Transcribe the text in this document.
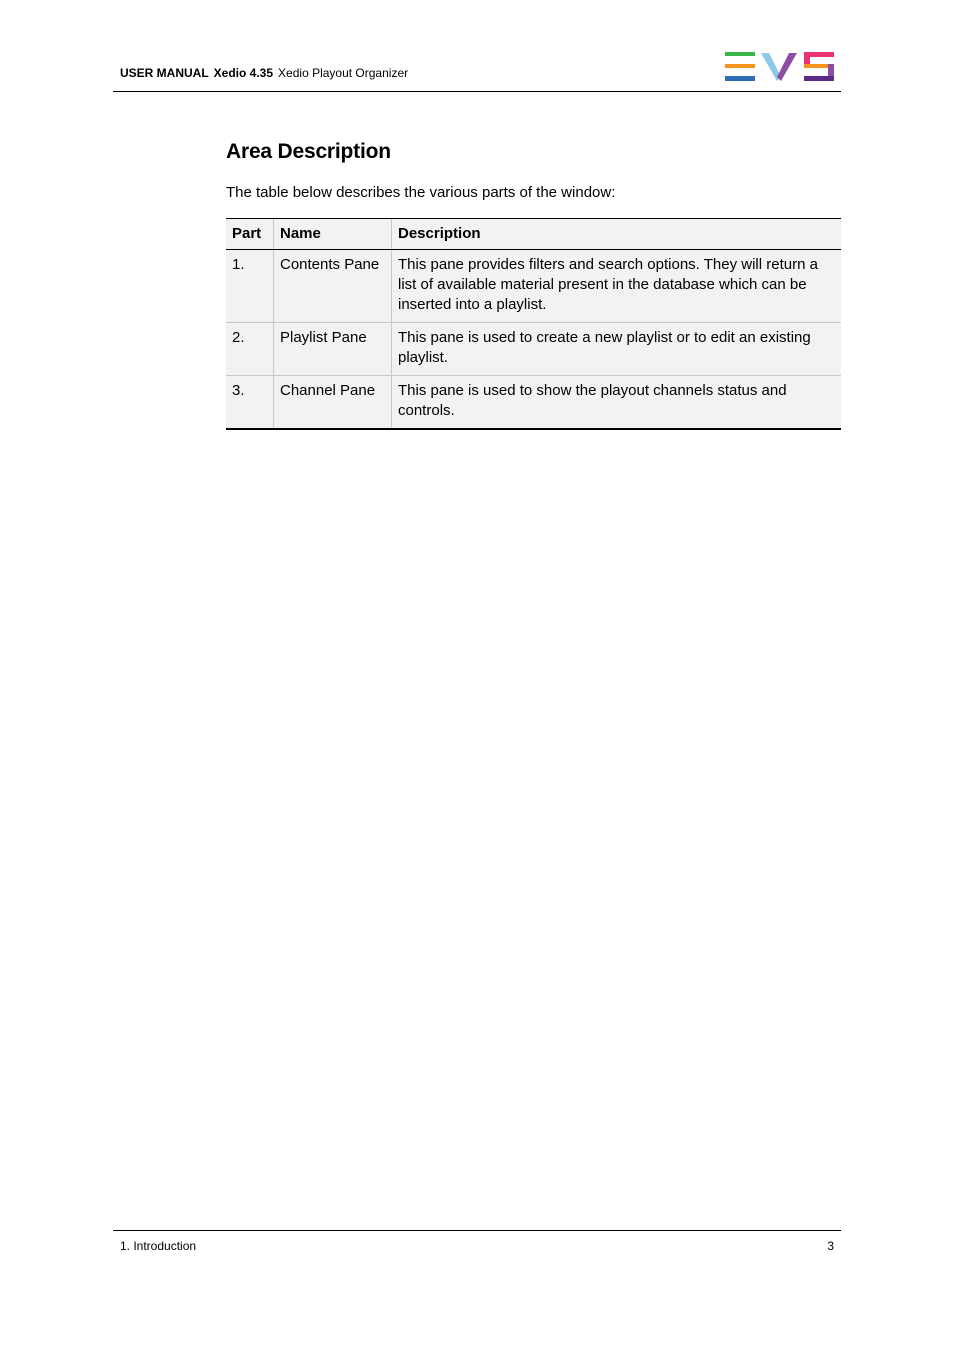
USER MANUAL Xedio 4.35 Xedio Playout Organizer
Area Description
The table below describes the various parts of the window:
Part	Name	Description
1.	Contents Pane	This pane provides filters and search options. They will return a list of available material present in the database which can be inserted into a playlist.
2.	Playlist Pane	This pane is used to create a new playlist or to edit an existing playlist.
3.	Channel Pane	This pane is used to show the playout channels status and controls.
1. Introduction	3
